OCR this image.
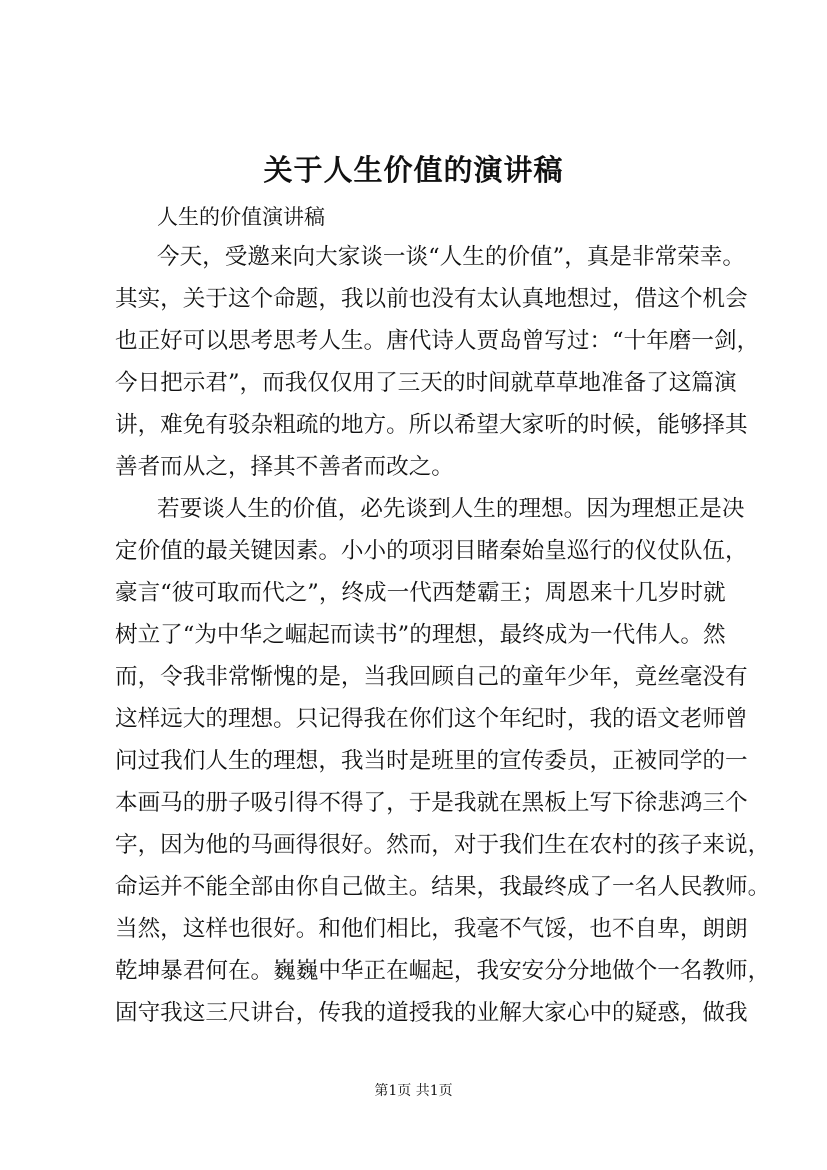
关于人生价值的演讲稿
人生的价值演讲稿
今天，受邀来向大家谈一谈“人生的价值”，真是非常荣幸。
其实，关于这个命题，我以前也没有太认真地想过，借这个机会
也正好可以思考思考人生。唐代诗人贾岛曾写过：“十年磨一剑，
今日把示君”，而我仅仅用了三天的时间就草草地准备了这篇演
讲，难免有驳杂粗疏的地方。所以希望大家听的时候，能够择其
善者而从之，择其不善者而改之。
若要谈人生的价值，必先谈到人生的理想。因为理想正是决
定价值的最关键因素。小小的项羽目睹秦始皇巡行的仪仗队伍，
豪言“彼可取而代之”，终成一代西楚霸王；周恩来十几岁时就
树立了“为中华之崛起而读书”的理想，最终成为一代伟人。然
而，令我非常惭愧的是，当我回顾自己的童年少年，竟丝毫没有
这样远大的理想。只记得我在你们这个年纪时，我的语文老师曾
问过我们人生的理想，我当时是班里的宣传委员，正被同学的一
本画马的册子吸引得不得了，于是我就在黑板上写下徐悲鸿三个
字，因为他的马画得很好。然而，对于我们生在农村的孩子来说，
命运并不能全部由你自己做主。结果，我最终成了一名人民教师。
当然，这样也很好。和他们相比，我毫不气馁，也不自卑，朗朗
乾坤暴君何在。巍巍中华正在崛起，我安安分分地做个一名教师，
固守我这三尺讲台，传我的道授我的业解大家心中的疑惑，做我
第1页 共1页
